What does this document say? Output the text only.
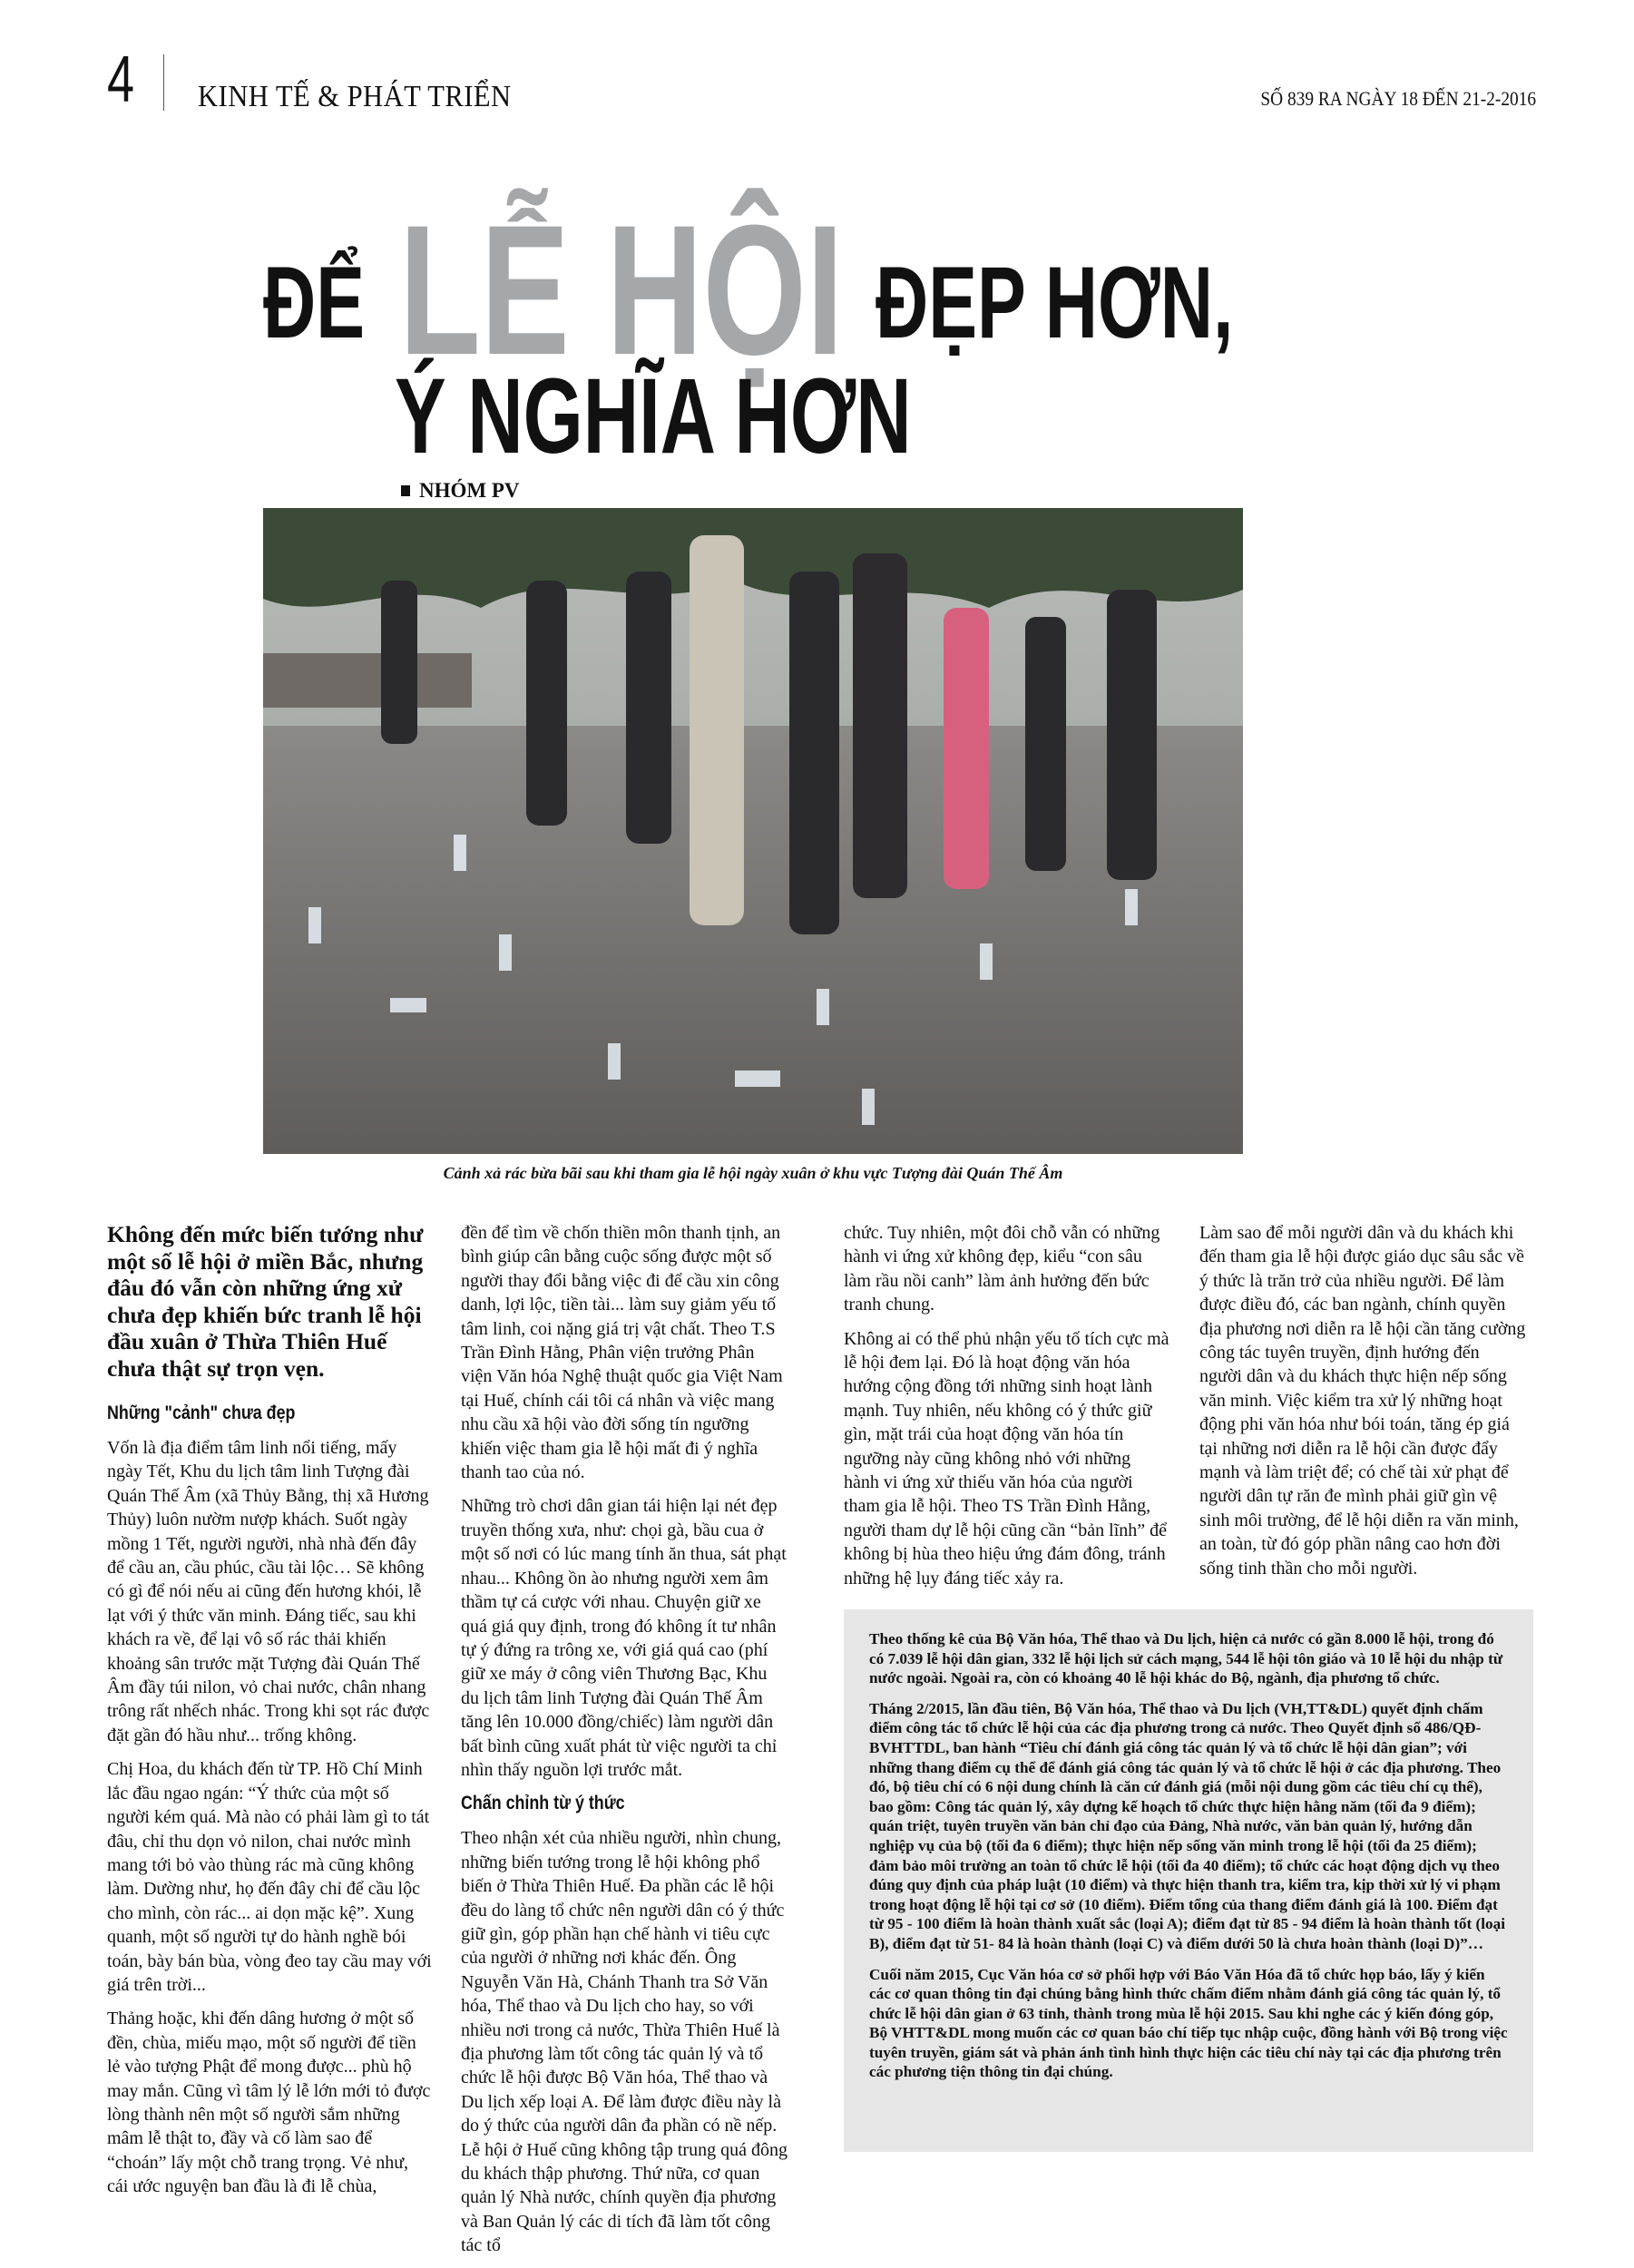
4 KINH TẾ & PHÁT TRIỂN	SỐ 839 RA NGÀY 18 ĐẾN 21-2-2016
ĐỂ LỄ HỘI ĐẸP HƠN,
Ý NGHĨA HƠN
NHÓM PV
Cảnh xả rác bừa bãi sau khi tham gia lễ hội ngày xuân ở khu vực Tượng đài Quán Thế Âm

Không đến mức biến tướng như một số lễ hội ở miền Bắc, nhưng đâu đó vẫn còn những ứng xử chưa đẹp khiến bức tranh lễ hội đầu xuân ở Thừa Thiên Huế chưa thật sự trọn vẹn.

Những "cảnh" chưa đẹp

Vốn là địa điểm tâm linh nổi tiếng, mấy ngày Tết, Khu du lịch tâm linh Tượng đài Quán Thế Âm (xã Thủy Bằng, thị xã Hương Thủy) luôn nườm nượp khách. Suốt ngày mồng 1 Tết, người người, nhà nhà đến đây để cầu an, cầu phúc, cầu tài lộc… Sẽ không có gì để nói nếu ai cũng đến hương khói, lễ lạt với ý thức văn minh. Đáng tiếc, sau khi khách ra về, để lại vô số rác thải khiến khoảng sân trước mặt Tượng đài Quán Thế Âm đầy túi nilon, vỏ chai nước, chân nhang trông rất nhếch nhác. Trong khi sọt rác được đặt gần đó hầu như... trống không.

Chị Hoa, du khách đến từ TP. Hồ Chí Minh lắc đầu ngao ngán: “Ý thức của một số người kém quá. Mà nào có phải làm gì to tát đâu, chỉ thu dọn vỏ nilon, chai nước mình mang tới bỏ vào thùng rác mà cũng không làm. Dường như, họ đến đây chỉ để cầu lộc cho mình, còn rác... ai dọn mặc kệ”. Xung quanh, một số người tự do hành nghề bói toán, bày bán bùa, vòng đeo tay cầu may với giá trên trời...

Thảng hoặc, khi đến dâng hương ở một số đền, chùa, miếu mạo, một số người để tiền lẻ vào tượng Phật để mong được... phù hộ may mắn. Cũng vì tâm lý lễ lớn mới tỏ được lòng thành nên một số người sắm những mâm lễ thật to, đầy và cố làm sao để “choán” lấy một chỗ trang trọng. Vẻ như, cái ước nguyện ban đầu là đi lễ chùa,

đền để tìm về chốn thiền môn thanh tịnh, an bình giúp cân bằng cuộc sống được một số người thay đổi bằng việc đi để cầu xin công danh, lợi lộc, tiền tài... làm suy giảm yếu tố tâm linh, coi nặng giá trị vật chất. Theo T.S Trần Đình Hằng, Phân viện trưởng Phân viện Văn hóa Nghệ thuật quốc gia Việt Nam tại Huế, chính cái tôi cá nhân và việc mang nhu cầu xã hội vào đời sống tín ngưỡng khiến việc tham gia lễ hội mất đi ý nghĩa thanh tao của nó.

Những trò chơi dân gian tái hiện lại nét đẹp truyền thống xưa, như: chọi gà, bầu cua ở một số nơi có lúc mang tính ăn thua, sát phạt nhau... Không ồn ào nhưng người xem âm thầm tự cá cược với nhau. Chuyện giữ xe quá giá quy định, trong đó không ít tư nhân tự ý đứng ra trông xe, với giá quá cao (phí giữ xe máy ở công viên Thương Bạc, Khu du lịch tâm linh Tượng đài Quán Thế Âm tăng lên 10.000 đồng/chiếc) làm người dân bất bình cũng xuất phát từ việc người ta chỉ nhìn thấy nguồn lợi trước mắt.

Chấn chỉnh từ ý thức

Theo nhận xét của nhiều người, nhìn chung, những biến tướng trong lễ hội không phổ biến ở Thừa Thiên Huế. Đa phần các lễ hội đều do làng tổ chức nên người dân có ý thức giữ gìn, góp phần hạn chế hành vi tiêu cực của người ở những nơi khác đến. Ông Nguyễn Văn Hà, Chánh Thanh tra Sở Văn hóa, Thể thao và Du lịch cho hay, so với nhiều nơi trong cả nước, Thừa Thiên Huế là địa phương làm tốt công tác quản lý và tổ chức lễ hội được Bộ Văn hóa, Thể thao và Du lịch xếp loại A. Để làm được điều này là do ý thức của người dân đa phần có nề nếp. Lễ hội ở Huế cũng không tập trung quá đông du khách thập phương. Thứ nữa, cơ quan quản lý Nhà nước, chính quyền địa phương và Ban Quản lý các di tích đã làm tốt công tác tổ

chức. Tuy nhiên, một đôi chỗ vẫn có những hành vi ứng xử không đẹp, kiểu “con sâu làm rầu nồi canh” làm ảnh hưởng đến bức tranh chung.

Không ai có thể phủ nhận yếu tố tích cực mà lễ hội đem lại. Đó là hoạt động văn hóa hướng cộng đồng tới những sinh hoạt lành mạnh. Tuy nhiên, nếu không có ý thức giữ gìn, mặt trái của hoạt động văn hóa tín ngưỡng này cũng không nhỏ với những hành vi ứng xử thiếu văn hóa của người tham gia lễ hội. Theo TS Trần Đình Hằng, người tham dự lễ hội cũng cần “bản lĩnh” để không bị hùa theo hiệu ứng đám đông, tránh những hệ lụy đáng tiếc xảy ra.

Làm sao để mỗi người dân và du khách khi đến tham gia lễ hội được giáo dục sâu sắc về ý thức là trăn trở của nhiều người. Để làm được điều đó, các ban ngành, chính quyền địa phương nơi diễn ra lễ hội cần tăng cường công tác tuyên truyền, định hướng đến người dân và du khách thực hiện nếp sống văn minh. Việc kiểm tra xử lý những hoạt động phi văn hóa như bói toán, tăng ép giá tại những nơi diễn ra lễ hội cần được đẩy mạnh và làm triệt để; có chế tài xử phạt để người dân tự răn đe mình phải giữ gìn vệ sinh môi trường, để lễ hội diễn ra văn minh, an toàn, từ đó góp phần nâng cao hơn đời sống tinh thần cho mỗi người.

Theo thống kê của Bộ Văn hóa, Thể thao và Du lịch, hiện cả nước có gần 8.000 lễ hội, trong đó có 7.039 lễ hội dân gian, 332 lễ hội lịch sử cách mạng, 544 lễ hội tôn giáo và 10 lễ hội du nhập từ nước ngoài. Ngoài ra, còn có khoảng 40 lễ hội khác do Bộ, ngành, địa phương tổ chức.

Tháng 2/2015, lần đầu tiên, Bộ Văn hóa, Thể thao và Du lịch (VH,TT&DL) quyết định chấm điểm công tác tổ chức lễ hội của các địa phương trong cả nước. Theo Quyết định số 486/QĐ-BVHTTDL, ban hành “Tiêu chí đánh giá công tác quản lý và tổ chức lễ hội dân gian”; với những thang điểm cụ thể để đánh giá công tác quản lý và tổ chức lễ hội ở các địa phương. Theo đó, bộ tiêu chí có 6 nội dung chính là căn cứ đánh giá (mỗi nội dung gồm các tiêu chí cụ thể), bao gồm: Công tác quản lý, xây dựng kế hoạch tổ chức thực hiện hằng năm (tối đa 9 điểm); quán triệt, tuyên truyền văn bản chỉ đạo của Đảng, Nhà nước, văn bản quản lý, hướng dẫn nghiệp vụ của bộ (tối đa 6 điểm); thực hiện nếp sống văn minh trong lễ hội (tối đa 25 điểm); đảm bảo môi trường an toàn tổ chức lễ hội (tối đa 40 điểm); tổ chức các hoạt động dịch vụ theo đúng quy định của pháp luật (10 điểm) và thực hiện thanh tra, kiểm tra, kịp thời xử lý vi phạm trong hoạt động lễ hội tại cơ sở (10 điểm). Điểm tổng của thang điểm đánh giá là 100. Điểm đạt từ 95 - 100 điểm là hoàn thành xuất sắc (loại A); điểm đạt từ 85 - 94 điểm là hoàn thành tốt (loại B), điểm đạt từ 51- 84 là hoàn thành (loại C) và điểm dưới 50 là chưa hoàn thành (loại D)”…

Cuối năm 2015, Cục Văn hóa cơ sở phối hợp với Báo Văn Hóa đã tổ chức họp báo, lấy ý kiến các cơ quan thông tin đại chúng bằng hình thức chấm điểm nhằm đánh giá công tác quản lý, tổ chức lễ hội dân gian ở 63 tỉnh, thành trong mùa lễ hội 2015. Sau khi nghe các ý kiến đóng góp, Bộ VHTT&DL mong muốn các cơ quan báo chí tiếp tục nhập cuộc, đồng hành với Bộ trong việc tuyên truyền, giám sát và phản ánh tình hình thực hiện các tiêu chí này tại các địa phương trên các phương tiện thông tin đại chúng.
